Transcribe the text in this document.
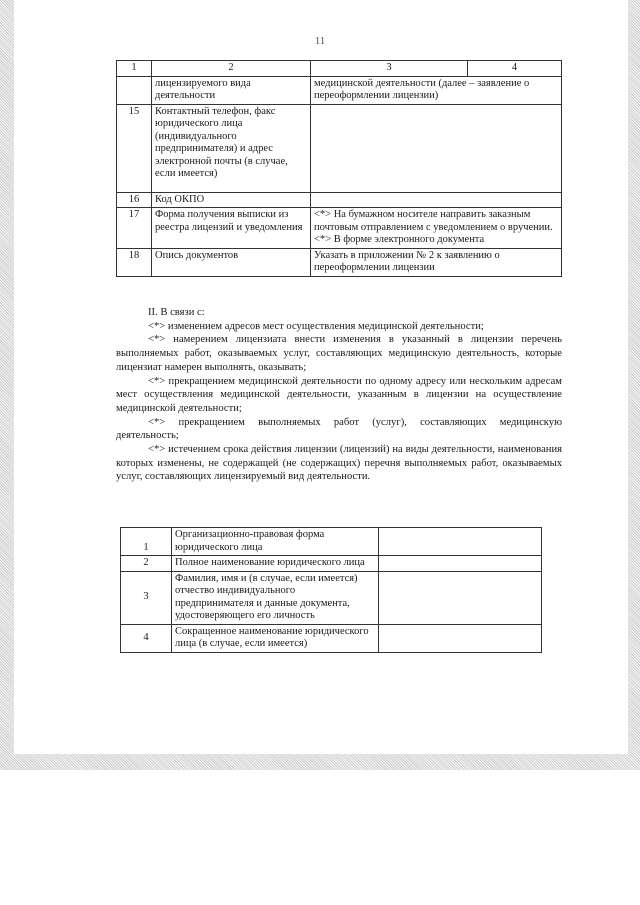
11
1	2	3	4
	лицензируемого вида деятельности	медицинской деятельности (далее – заявление о переоформлении лицензии)	
15	Контактный телефон, факс юридического лица (индивидуального предпринимателя) и адрес электронной почты (в случае, если имеется)		
16	Код ОКПО		
17	Форма получения выписки из реестра лицензий и уведомления	<*> На бумажном носителе направить заказным почтовым отправлением с уведомлением о вручении.
<*> В форме электронного документа	

18	Опись документов	Указать в приложении № 2 к заявлению о переоформлении лицензии	

II. В связи с:

<*> изменением адресов мест осуществления медицинской деятельности;

<*> намерением лицензиата внести изменения в указанный в лицензии перечень выполняемых работ, оказываемых услуг, составляющих медицинскую деятельность, которые лицензиат намерен выполнять, оказывать;

<*> прекращением медицинской деятельности по одному адресу или нескольким адресам мест осуществления медицинской деятельности, указанным в лицензии на осуществление медицинской деятельности;

<*> прекращением выполняемых работ (услуг), составляющих медицинскую деятельность;

<*> истечением срока действия лицензии (лицензий) на виды деятельности, наименования которых изменены, не содержащей (не содержащих) перечня выполняемых работ, оказываемых услуг, составляющих лицензируемый вид деятельности.

1	Организационно-правовая форма юридического лица	
2	Полное наименование юридического лица	
3	Фамилия, имя и (в случае, если имеется) отчество индивидуального предпринимателя и данные документа, удостоверяющего его личность	
4	Сокращенное наименование юридического лица (в случае, если имеется)	
